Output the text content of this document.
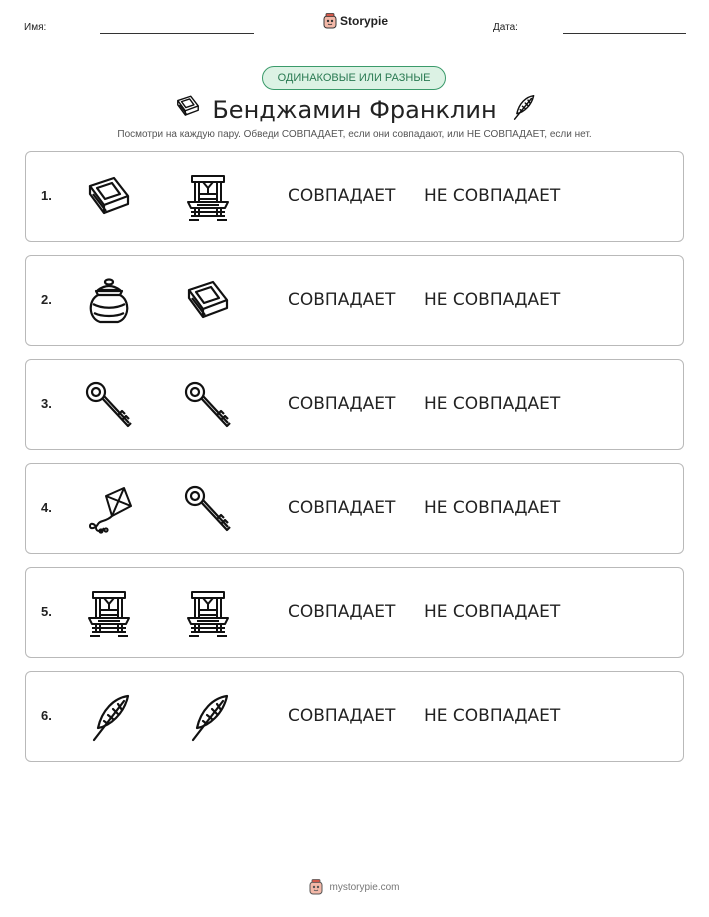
Имя:	Storypie	Дата:
ОДИНАКОВЫЕ ИЛИ РАЗНЫЕ
Бенджамин Франклин
Посмотри на каждую пару. Обведи СОВПАДАЕТ, если они совпадают, или НЕ СОВПАДАЕТ, если нет.
1.	СОВПАДАЕТ НЕ СОВПАДАЕТ
2.	СОВПАДАЕТ НЕ СОВПАДАЕТ
3.	СОВПАДАЕТ НЕ СОВПАДАЕТ
4.	СОВПАДАЕТ НЕ СОВПАДАЕТ
5.	СОВПАДАЕТ НЕ СОВПАДАЕТ
6.	СОВПАДАЕТ НЕ СОВПАДАЕТ
mystorypie.com
